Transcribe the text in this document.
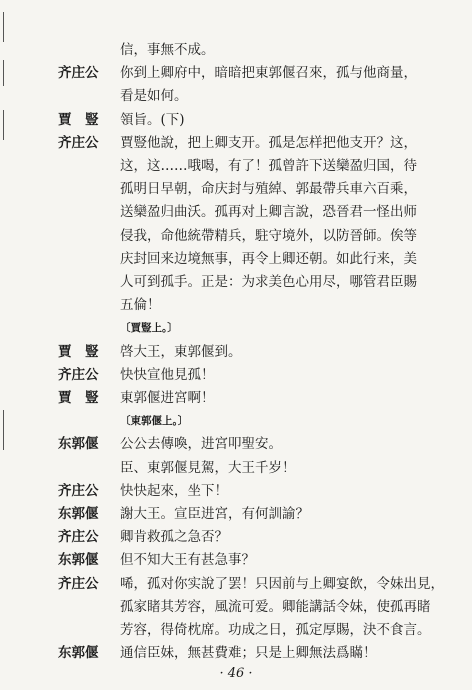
· 46 ·
信，事無不成。
齐庄公	你到上卿府中，暗暗把東郭偃召來，孤与他商量，
看是如何。
賈　豎	領旨。(下)
齐庄公	賈豎他說，把上卿支开。孤是怎样把他支开？这，
这，这……哦喝，有了！孤曾許下送欒盈归国，待
孤明日早朝，命庆封与殖綽、郭最帶兵車六百乘，
送欒盈归曲沃。孤再对上卿言說，恐晉君一怪出师
侵我，命他統帶精兵，駐守境外，以防晉師。俟等
庆封回来边境無事，再令上卿还朝。如此行来，美
人可到孤手。正是：为求美色心用尽，哪管君臣賜
五倫！
〔賈豎上。〕
賈　豎	啓大王，東郭偃到。
齐庄公	快快宣他見孤！
賈　豎	東郭偃进宮啊！
〔東郭偃上。〕
东郭偃	公公去傳喚，进宮叩聖安。
臣、東郭偃見駕，大王千岁！
齐庄公	快快起來，坐下！
东郭偃	謝大王。宣臣进宮，有何訓諭？
齐庄公	卿肯救孤之急否？
东郭偃	但不知大王有甚急事？
齐庄公	唏，孤对你实說了罢！只因前与上卿宴飲，令妹出見，
孤家睹其芳容，風流可爱。卿能講話令妹，使孤再睹
芳容，得倚枕席。功成之日，孤定厚賜，決不食言。
东郭偃	通信臣妹，無甚費难；只是上卿無法爲瞞！
